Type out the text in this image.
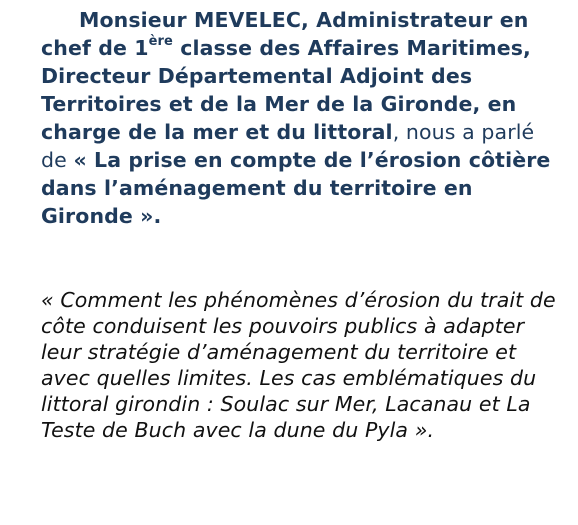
Monsieur MEVELEC, Administrateur en chef de 1ère classe des Affaires Maritimes, Directeur Départemental Adjoint des Territoires et de la Mer de la Gironde, en charge de la mer et du littoral, nous a parlé de « La prise en compte de l’érosion côtière dans l’aménagement du territoire en Gironde ».

« Comment les phénomènes d’érosion du trait de côte conduisent les pouvoirs publics à adapter leur stratégie d’aménagement du territoire et avec quelles limites. Les cas emblématiques du littoral girondin : Soulac sur Mer, Lacanau et La Teste de Buch avec la dune du Pyla ».
